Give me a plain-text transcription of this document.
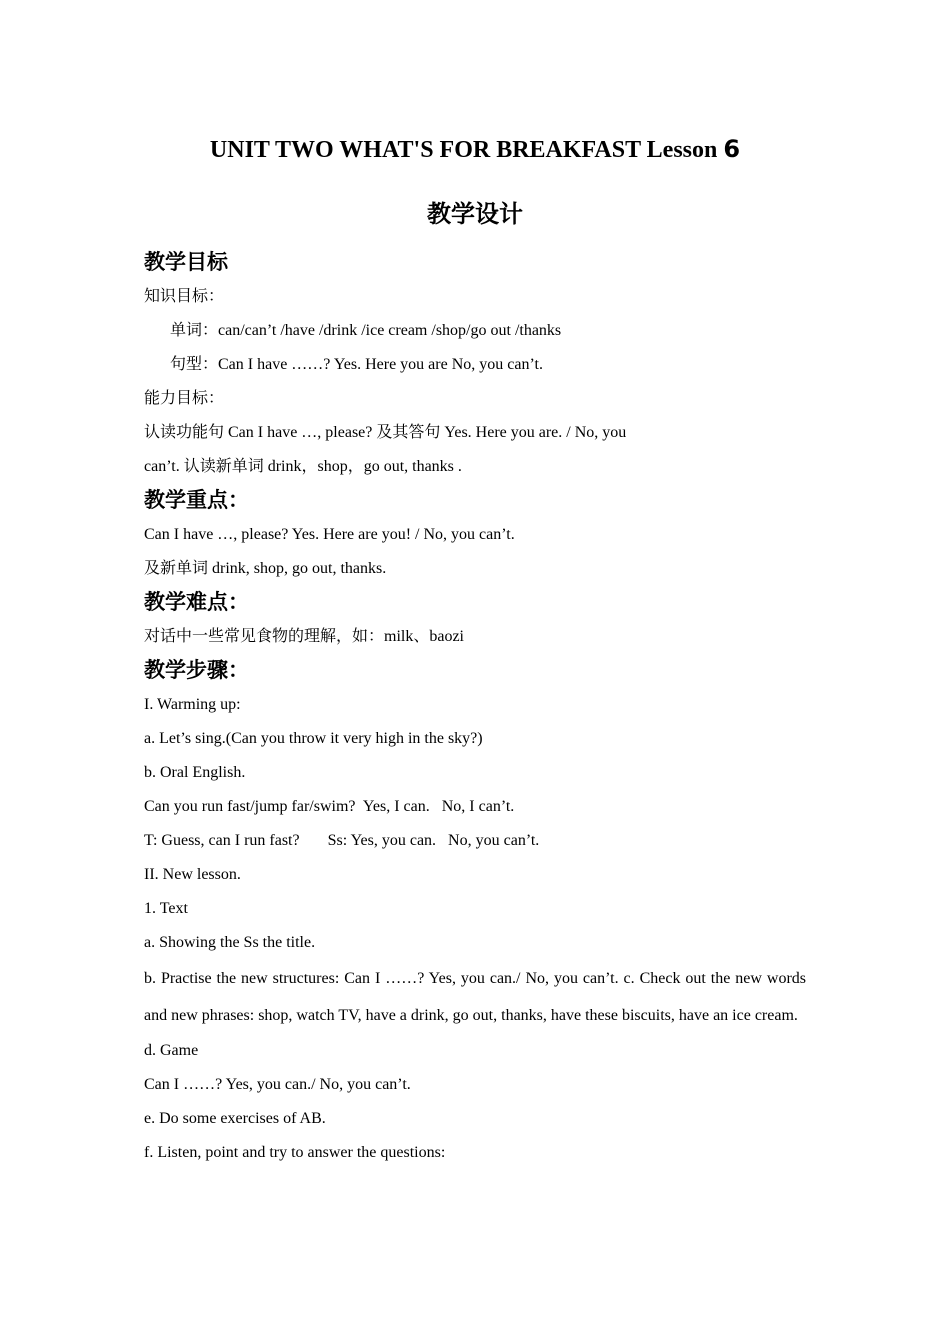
UNIT TWO WHAT'S FOR BREAKFAST Lesson 6
教学设计
教学目标
知识目标：
单词：can/can’t /have /drink /ice cream /shop/go out /thanks
句型：Can I have ……? Yes. Here you are No, you can’t.
能力目标：
认读功能句 Can I have …, please? 及其答句 Yes. Here you are. / No, you
can’t. 认读新单词 drink，shop，go out, thanks .
教学重点：
Can I have …, please? Yes. Here are you! / No, you can’t.
及新单词 drink, shop, go out, thanks.
教学难点：
对话中一些常见食物的理解，如：milk、baozi
教学步骤：
I. Warming up:
a. Let’s sing.(Can you throw it very high in the sky?)
b. Oral English.
Can you run fast/jump far/swim?  Yes, I can.   No, I can’t.
T: Guess, can I run fast?       Ss: Yes, you can.   No, you can’t.
II. New lesson.
1. Text
a. Showing the Ss the title.
b. Practise the new structures: Can I ……? Yes, you can./ No, you can’t. c. Check out the new words and new phrases: shop, watch TV, have a drink, go out, thanks, have these biscuits, have an ice cream.
d. Game
Can I ……? Yes, you can./ No, you can’t.
e. Do some exercises of AB.
f. Listen, point and try to answer the questions:
